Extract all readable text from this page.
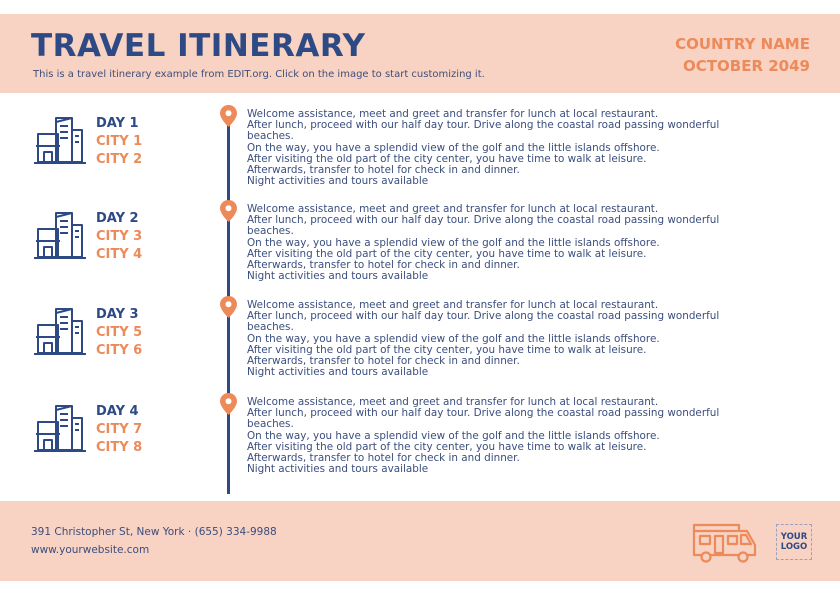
TRAVEL ITINERARY
This is a travel itinerary example from EDIT.org. Click on the image to start customizing it.
COUNTRY NAME
OCTOBER 2049
DAY 1
CITY 1
CITY 2
Welcome assistance, meet and greet and transfer for lunch at local restaurant.
After lunch, proceed with our half day tour. Drive along the coastal road passing wonderful beaches.
On the way, you have a splendid view of the golf and the little islands offshore.
After visiting the old part of the city center, you have time to walk at leisure.
Afterwards, transfer to hotel for check in and dinner.
Night activities and tours available
DAY 2
CITY 3
CITY 4
Welcome assistance, meet and greet and transfer for lunch at local restaurant.
After lunch, proceed with our half day tour. Drive along the coastal road passing wonderful beaches.
On the way, you have a splendid view of the golf and the little islands offshore.
After visiting the old part of the city center, you have time to walk at leisure.
Afterwards, transfer to hotel for check in and dinner.
Night activities and tours available
DAY 3
CITY 5
CITY 6
Welcome assistance, meet and greet and transfer for lunch at local restaurant.
After lunch, proceed with our half day tour. Drive along the coastal road passing wonderful beaches.
On the way, you have a splendid view of the golf and the little islands offshore.
After visiting the old part of the city center, you have time to walk at leisure.
Afterwards, transfer to hotel for check in and dinner.
Night activities and tours available
DAY 4
CITY 7
CITY 8
Welcome assistance, meet and greet and transfer for lunch at local restaurant.
After lunch, proceed with our half day tour. Drive along the coastal road passing wonderful beaches.
On the way, you have a splendid view of the golf and the little islands offshore.
After visiting the old part of the city center, you have time to walk at leisure.
Afterwards, transfer to hotel for check in and dinner.
Night activities and tours available
391 Christopher St, New York · (655) 334-9988
www.yourwebsite.com
YOUR
LOGO
